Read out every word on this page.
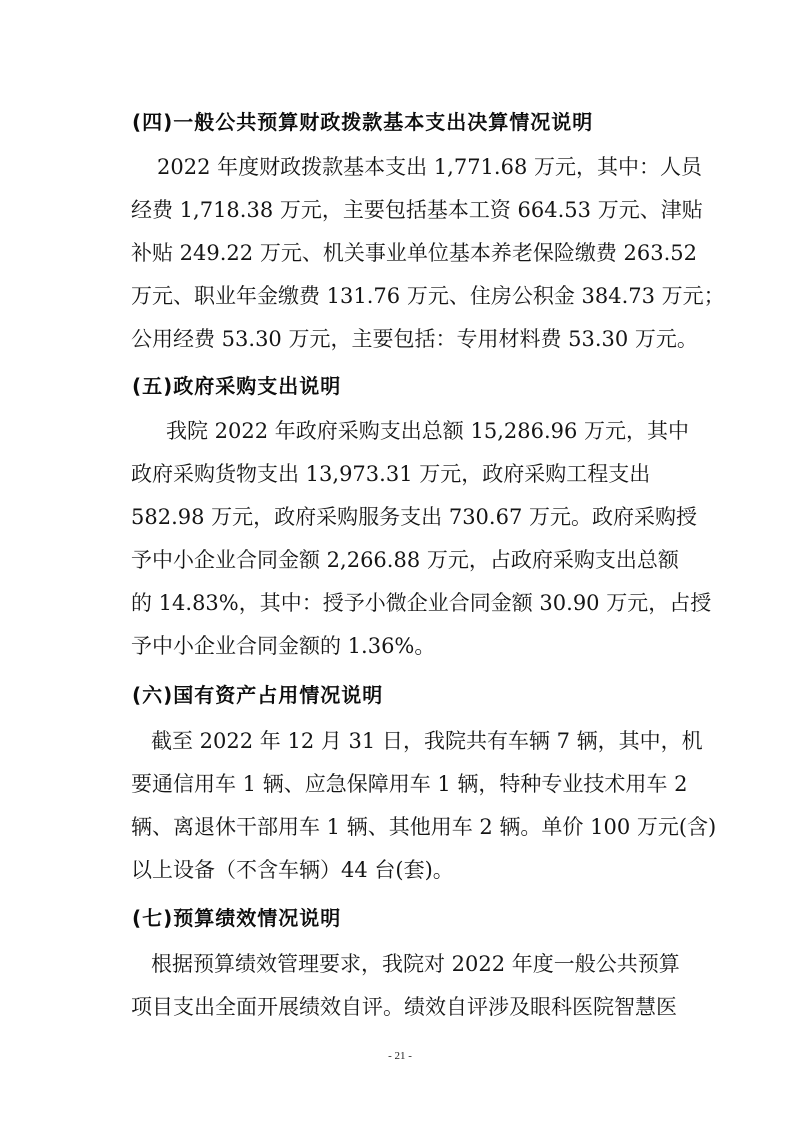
(四)一般公共预算财政拨款基本支出决算情况说明
2022 年度财政拨款基本支出 1,771.68 万元，其中：人员
经费 1,718.38 万元，主要包括基本工资 664.53 万元、津贴
补贴 249.22 万元、机关事业单位基本养老保险缴费 263.52
万元、职业年金缴费 131.76 万元、住房公积金 384.73 万元；
公用经费 53.30 万元，主要包括：专用材料费 53.30 万元。
(五)政府采购支出说明
我院 2022 年政府采购支出总额 15,286.96 万元，其中
政府采购货物支出 13,973.31 万元，政府采购工程支出
582.98 万元，政府采购服务支出 730.67 万元。政府采购授
予中小企业合同金额 2,266.88 万元，占政府采购支出总额
的 14.83%，其中：授予小微企业合同金额 30.90 万元，占授
予中小企业合同金额的 1.36%。
(六)国有资产占用情况说明
截至 2022 年 12 月 31 日，我院共有车辆 7 辆，其中，机
要通信用车 1 辆、应急保障用车 1 辆，特种专业技术用车 2
辆、离退休干部用车 1 辆、其他用车 2 辆。单价 100 万元(含)
以上设备（不含车辆）44 台(套)。
(七)预算绩效情况说明
根据预算绩效管理要求，我院对 2022 年度一般公共预算
项目支出全面开展绩效自评。绩效自评涉及眼科医院智慧医
- 21 -
